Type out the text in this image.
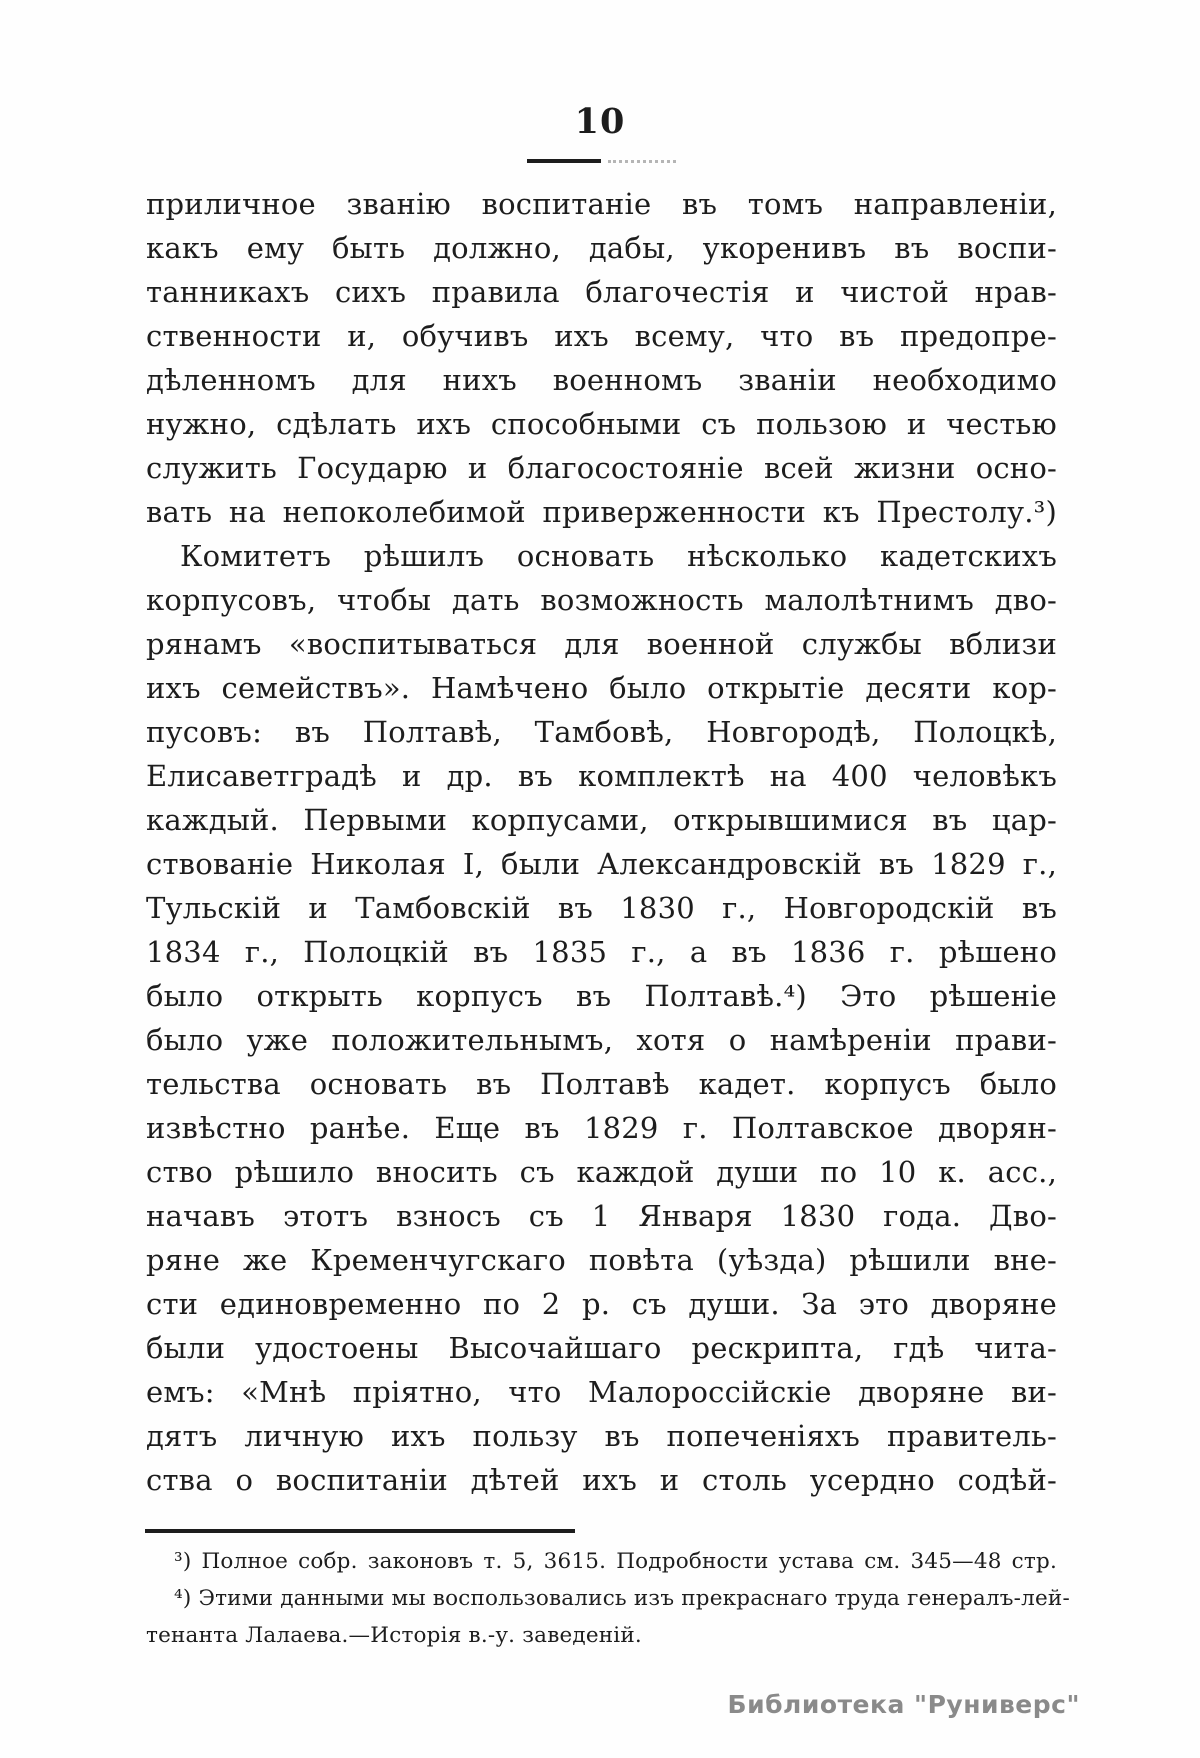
10
приличное званію воспитаніе въ томъ направленіи,
какъ ему быть должно, дабы, укоренивъ въ воспи-
танникахъ сихъ правила благочестія и чистой нрав-
ственности и, обучивъ ихъ всему, что въ предопре-
дѣленномъ для нихъ военномъ званіи необходимо
нужно, сдѣлать ихъ способными съ пользою и честью
служить Государю и благосостояніе всей жизни осно-
вать на непоколебимой приверженности къ Престолу.³)
Комитетъ рѣшилъ основать нѣсколько кадетскихъ
корпусовъ, чтобы дать возможность малолѣтнимъ дво-
рянамъ «воспитываться для военной службы вблизи
ихъ семействъ». Намѣчено было открытіе десяти кор-
пусовъ: въ Полтавѣ, Тамбовѣ, Новгородѣ, Полоцкѣ,
Елисаветградѣ и др. въ комплектѣ на 400 человѣкъ
каждый. Первыми корпусами, открывшимися въ цар-
ствованіе Николая I, были Александровскій въ 1829 г.,
Тульскій и Тамбовскій въ 1830 г., Новгородскій въ
1834 г., Полоцкій въ 1835 г., а въ 1836 г. рѣшено
было открыть корпусъ въ Полтавѣ.⁴) Это рѣшеніе
было уже положительнымъ, хотя о намѣреніи прави-
тельства основать въ Полтавѣ кадет. корпусъ было
извѣстно ранѣе. Еще въ 1829 г. Полтавское дворян-
ство рѣшило вносить съ каждой души по 10 к. асс.,
начавъ этотъ взносъ съ 1 Января 1830 года. Дво-
ряне же Кременчугскаго повѣта (уѣзда) рѣшили вне-
сти единовременно по 2 р. съ души. За это дворяне
были удостоены Высочайшаго рескрипта, гдѣ чита-
емъ: «Мнѣ пріятно, что Малороссійскіе дворяне ви-
дятъ личную ихъ пользу въ попеченіяхъ правитель-
ства о воспитаніи дѣтей ихъ и столь усердно содѣй-
³) Полное собр. законовъ т. 5, 3615. Подробности устава см. 345—48 стр.
⁴) Этими данными мы воспользовались изъ прекраснаго труда генералъ-лей-
тенанта Лалаева.—Исторія в.-у. заведеній.
Библиотека "Руниверс"
